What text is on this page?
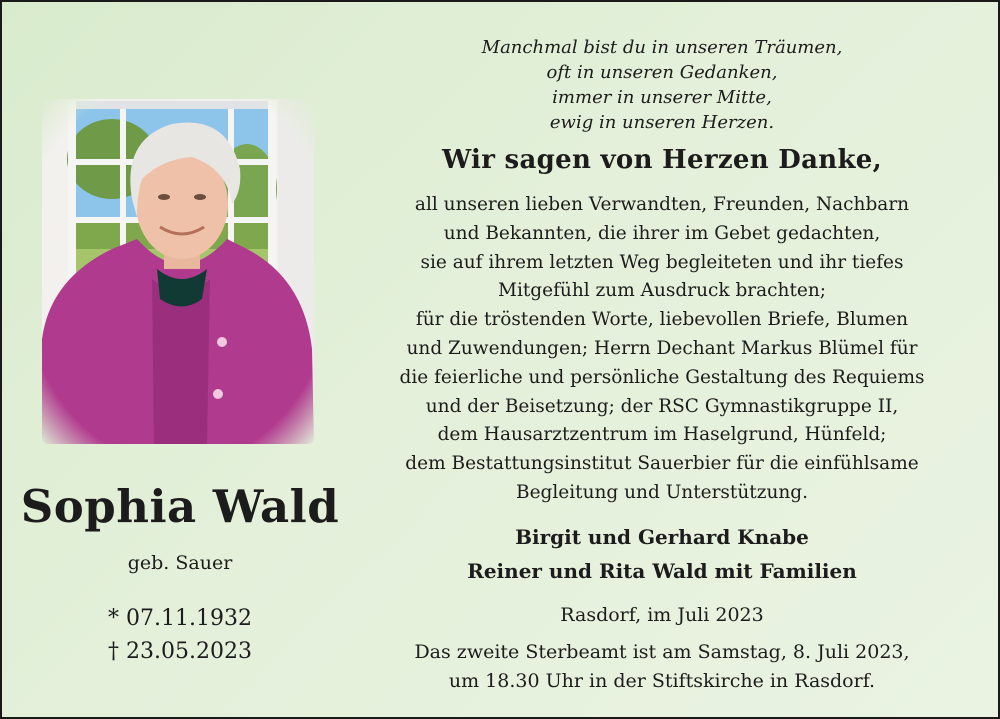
Sophia Wald
geb. Sauer
* 07.11.1932
† 23.05.2023
Manchmal bist du in unseren Träumen,
oft in unseren Gedanken,
immer in unserer Mitte,
ewig in unseren Herzen.
Wir sagen von Herzen Danke,
all unseren lieben Verwandten, Freunden, Nachbarn
und Bekannten, die ihrer im Gebet gedachten,
sie auf ihrem letzten Weg begleiteten und ihr tiefes
Mitgefühl zum Ausdruck brachten;
für die tröstenden Worte, liebevollen Briefe, Blumen
und Zuwendungen; Herrn Dechant Markus Blümel für
die feierliche und persönliche Gestaltung des Requiems
und der Beisetzung; der RSC Gymnastikgruppe II,
dem Hausarztzentrum im Haselgrund, Hünfeld;
dem Bestattungsinstitut Sauerbier für die einfühlsame
Begleitung und Unterstützung.
Birgit und Gerhard Knabe
Reiner und Rita Wald mit Familien
Rasdorf, im Juli 2023
Das zweite Sterbeamt ist am Samstag, 8. Juli 2023,
um 18.30 Uhr in der Stiftskirche in Rasdorf.
